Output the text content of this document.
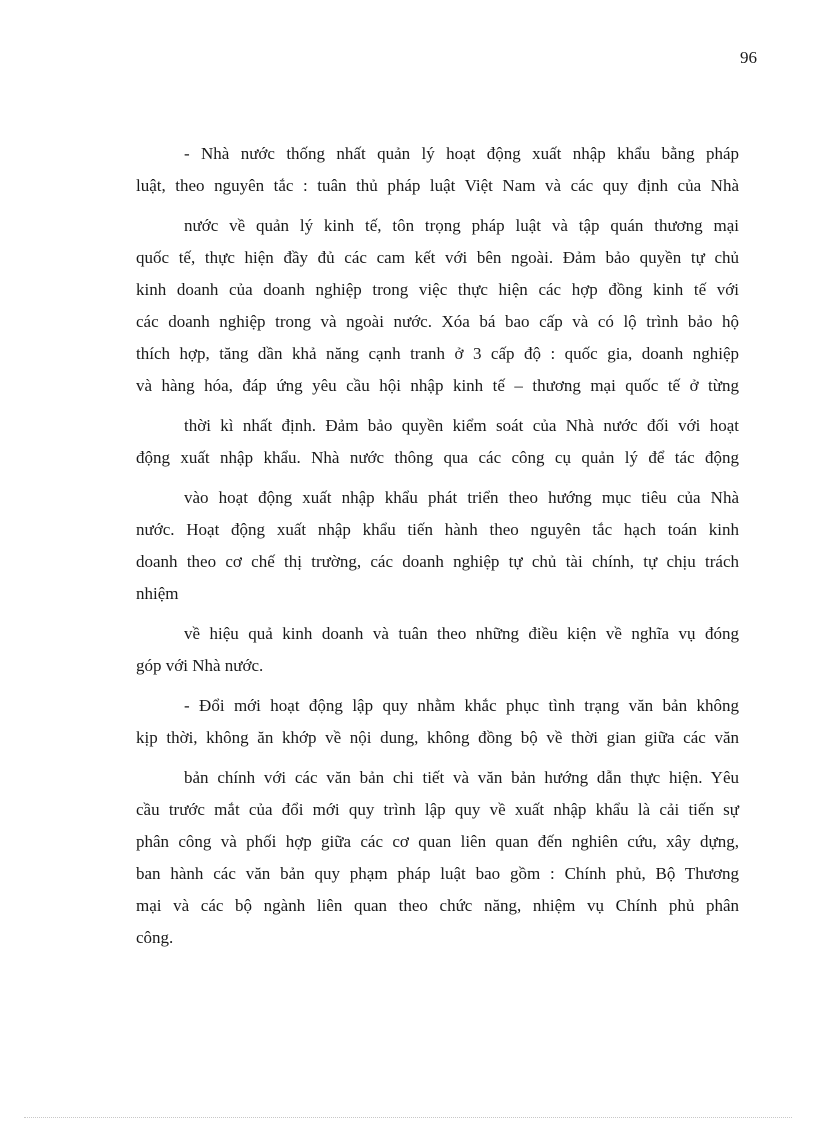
96
- Nhà nước thống nhất quản lý hoạt động xuất nhập khẩu bằng pháp
luật, theo nguyên tắc : tuân thủ pháp luật Việt Nam và các quy định của Nhà
nước về quản lý kinh tế, tôn trọng pháp luật và tập quán thương mại
quốc tế, thực hiện đầy đủ các cam kết với bên ngoài. Đảm bảo quyền tự chủ
kinh doanh của doanh nghiệp trong việc thực hiện các hợp đồng kinh tế với
các doanh nghiệp trong và ngoài nước. Xóa bá bao cấp và có lộ trình bảo hộ
thích hợp, tăng dần khả năng cạnh tranh ở 3 cấp độ : quốc gia, doanh nghiệp
và hàng hóa, đáp ứng yêu cầu hội nhập kinh tế – thương mại quốc tế ở từng
thời kì nhất định. Đảm bảo quyền kiểm soát của Nhà nước đối với hoạt
động xuất nhập khẩu. Nhà nước thông qua các công cụ quản lý để tác động
vào hoạt động xuất nhập khẩu phát triển theo hướng mục tiêu của Nhà
nước. Hoạt động xuất nhập khẩu tiến hành theo nguyên tắc hạch toán kinh
doanh theo cơ chế thị trường, các doanh nghiệp tự chủ tài chính, tự chịu trách
nhiệm
về hiệu quả kinh doanh và tuân theo những điều kiện về nghĩa vụ đóng
góp với Nhà nước.
- Đổi mới hoạt động lập quy nhằm khắc phục tình trạng văn bản không
kịp thời, không ăn khớp về nội dung, không đồng bộ về thời gian giữa các văn
bản chính với các văn bản chi tiết và văn bản hướng dẫn thực hiện. Yêu
cầu trước mắt của đổi mới quy trình lập quy về xuất nhập khẩu là cải tiến sự
phân công và phối hợp giữa các cơ quan liên quan đến nghiên cứu, xây dựng,
ban hành các văn bản quy phạm pháp luật bao gồm : Chính phủ, Bộ Thương
mại và các bộ ngành liên quan theo chức năng, nhiệm vụ Chính phủ phân
công.
